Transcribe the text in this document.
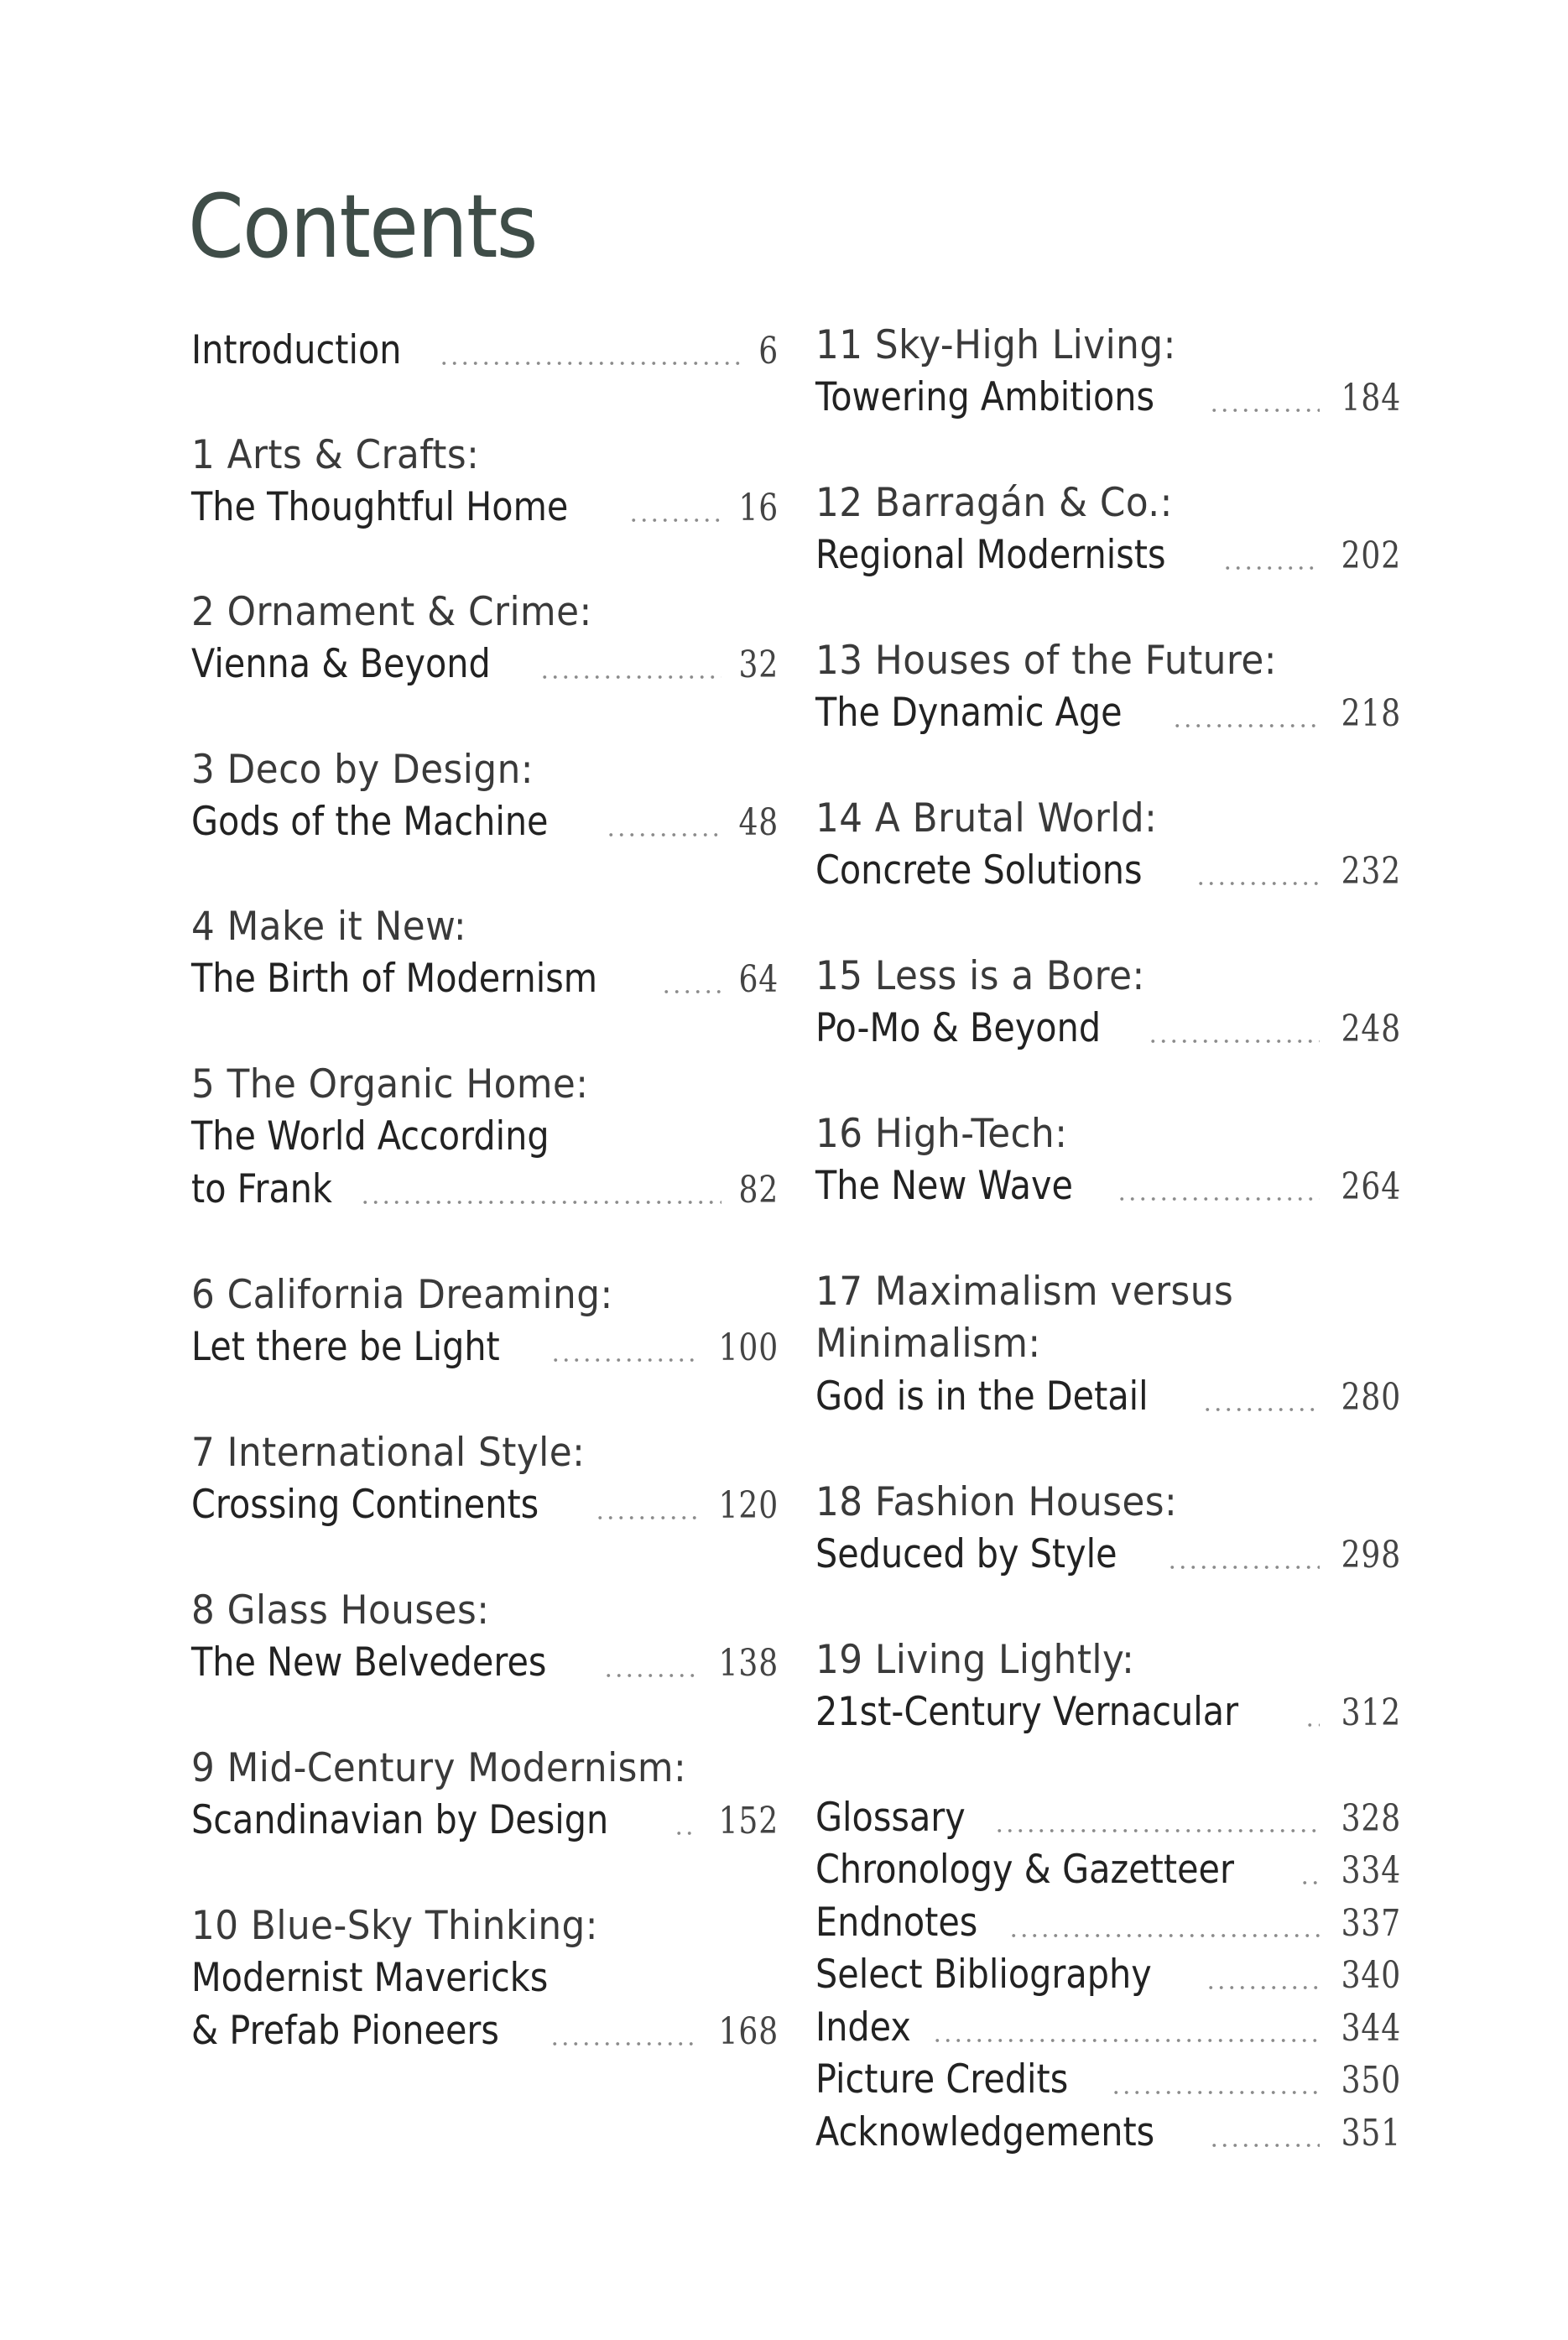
Contents
Introduction	6
1 Arts & Crafts:
The Thoughtful Home	16
2 Ornament & Crime:
Vienna & Beyond	32
3 Deco by Design:
Gods of the Machine	48
4 Make it New:
The Birth of Modernism	64
5 The Organic Home:
The World According
to Frank	82
6 California Dreaming:
Let there be Light	100
7 International Style:
Crossing Continents	120
8 Glass Houses:
The New Belvederes	138
9 Mid-Century Modernism:
Scandinavian by Design	152
10 Blue-Sky Thinking:
Modernist Mavericks
& Prefab Pioneers	168
11 Sky-High Living:
Towering Ambitions	184
12 Barragán & Co.:
Regional Modernists	202
13 Houses of the Future:
The Dynamic Age	218
14 A Brutal World:
Concrete Solutions	232
15 Less is a Bore:
Po-Mo & Beyond	248
16 High-Tech:
The New Wave	264
17 Maximalism versus
Minimalism:
God is in the Detail	280
18 Fashion Houses:
Seduced by Style	298
19 Living Lightly:
21st-Century Vernacular	312
Glossary	328
Chronology & Gazetteer	334
Endnotes	337
Select Bibliography	340
Index	344
Picture Credits	350
Acknowledgements	351
